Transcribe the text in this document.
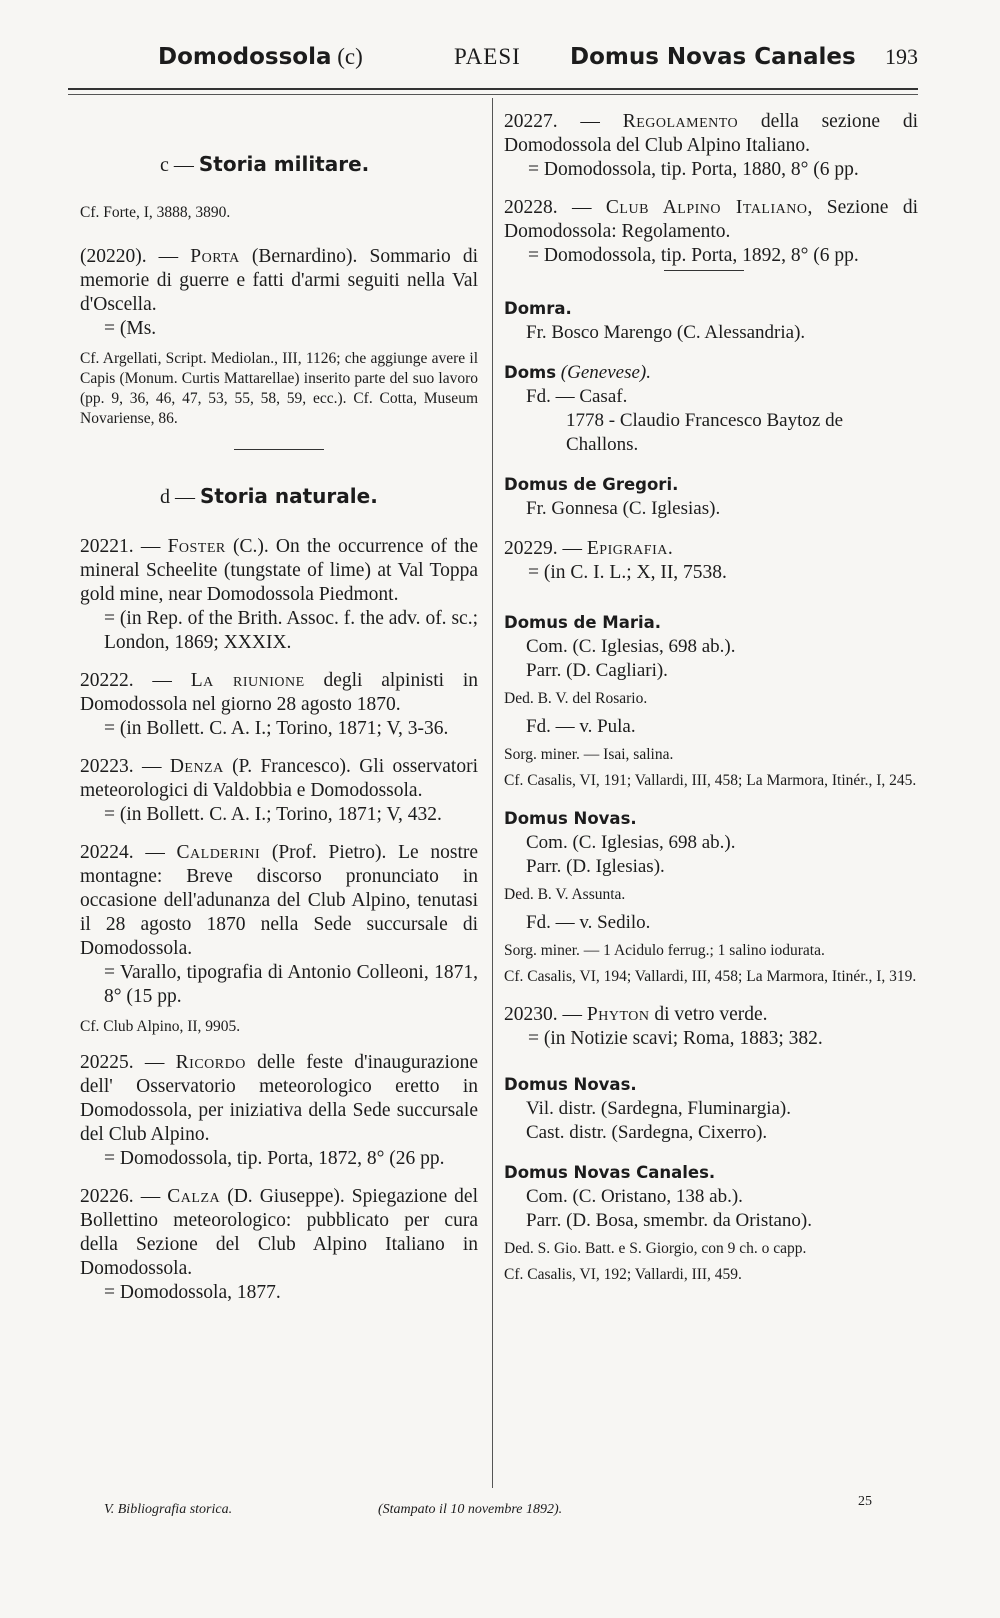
Domodossola (c)	PAESI Domus Novas Canales 193
c — Storia militare.
Cf. Forte, I, 3888, 3890.
(20220). — Porta (Bernardino). Sommario di memorie di guerre e fatti d'armi seguiti nella Val d'Oscella.
= (Ms.
Cf. Argellati, Script. Mediolan., III, 1126; che aggiunge avere il Capis (Monum. Curtis Mattarellae) inserito parte del suo lavoro (pp. 9, 36, 46, 47, 53, 55, 58, 59, ecc.). Cf. Cotta, Museum Novariense, 86.
d — Storia naturale.
20221. — Foster (C.). On the occurrence of the mineral Scheelite (tungstate of lime) at Val Toppa gold mine, near Domodossola Piedmont.
= (in Rep. of the Brith. Assoc. f. the adv. of. sc.; London, 1869; XXXIX.
20222. — La riunione degli alpinisti in Domodossola nel giorno 28 agosto 1870.
= (in Bollett. C. A. I.; Torino, 1871; V, 3-36.
20223. — Denza (P. Francesco). Gli osservatori meteorologici di Valdobbia e Domodossola.
= (in Bollett. C. A. I.; Torino, 1871; V, 432.
20224. — Calderini (Prof. Pietro). Le nostre montagne: Breve discorso pronunciato in occasione dell'adunanza del Club Alpino, tenutasi il 28 agosto 1870 nella Sede succursale di Domodossola.
= Varallo, tipografia di Antonio Colleoni, 1871, 8° (15 pp.
Cf. Club Alpino, II, 9905.
20225. — Ricordo delle feste d'inaugurazione dell' Osservatorio meteorologico eretto in Domodossola, per iniziativa della Sede succursale del Club Alpino.
= Domodossola, tip. Porta, 1872, 8° (26 pp.
20226. — Calza (D. Giuseppe). Spiegazione del Bollettino meteorologico: pubblicato per cura della Sezione del Club Alpino Italiano in Domodossola.
= Domodossola, 1877.
20227. — Regolamento della sezione di Domodossola del Club Alpino Italiano.
= Domodossola, tip. Porta, 1880, 8° (6 pp.
20228. — Club Alpino Italiano, Sezione di Domodossola: Regolamento.
= Domodossola, tip. Porta, 1892, 8° (6 pp.
Domra.
Fr. Bosco Marengo (C. Alessandria).
Doms (Genevese).
Fd. — Casaf.
1778 - Claudio Francesco Baytoz de Challons.
Domus de Gregori.
Fr. Gonnesa (C. Iglesias).
20229. — Epigrafia.
= (in C. I. L.; X, II, 7538.
Domus de Maria.
Com. (C. Iglesias, 698 ab.).
Parr. (D. Cagliari).
Ded. B. V. del Rosario.
Fd. — v. Pula.
Sorg. miner. — Isai, salina.
Cf. Casalis, VI, 191; Vallardi, III, 458; La Marmora, Itinér., I, 245.
Domus Novas.
Com. (C. Iglesias, 698 ab.).
Parr. (D. Iglesias).
Ded. B. V. Assunta.
Fd. — v. Sedilo.
Sorg. miner. — 1 Acidulo ferrug.; 1 salino iodurata.
Cf. Casalis, VI, 194; Vallardi, III, 458; La Marmora, Itinér., I, 319.
20230. — Phyton di vetro verde.
= (in Notizie scavi; Roma, 1883; 382.
Domus Novas.
Vil. distr. (Sardegna, Fluminargia).
Cast. distr. (Sardegna, Cixerro).
Domus Novas Canales.
Com. (C. Oristano, 138 ab.).
Parr. (D. Bosa, smembr. da Oristano).
Ded. S. Gio. Batt. e S. Giorgio, con 9 ch. o capp.
Cf. Casalis, VI, 192; Vallardi, III, 459.
V. Bibliografia storica.	(Stampato il 10 novembre 1892).
25
